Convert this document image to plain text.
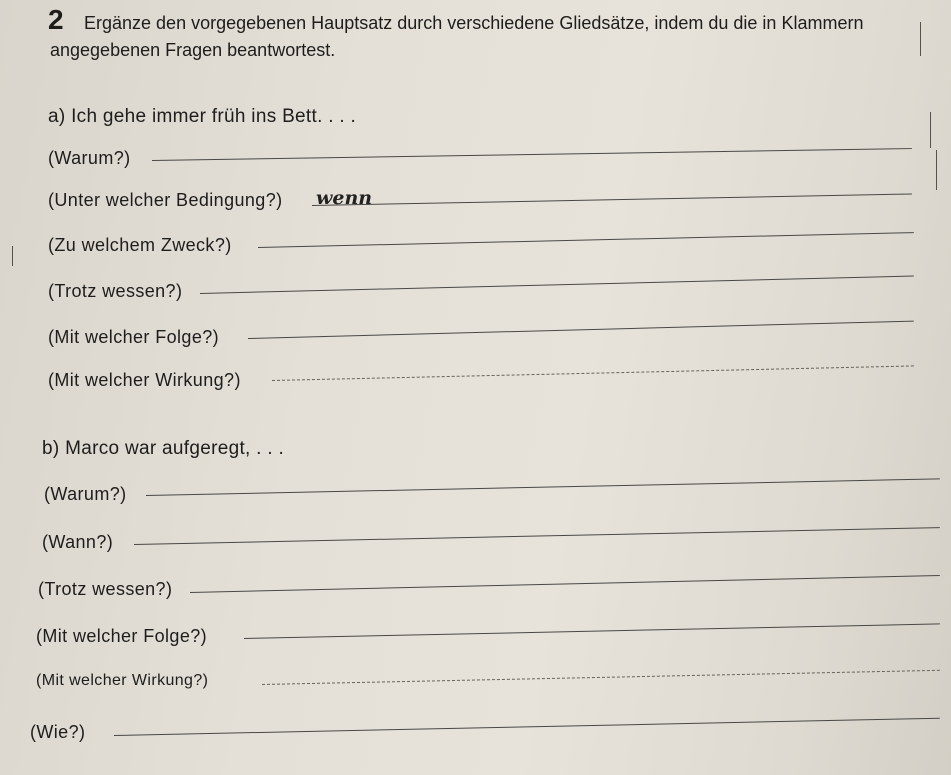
2 Ergänze den vorgegebenen Hauptsatz durch verschiedene Gliedsätze, indem du die in Klammern
angegebenen Fragen beantwortest.
a) Ich gehe immer früh ins Bett. . . .
(Warum?)
(Unter welcher Bedingung?) wenn
(Zu welchem Zweck?)
(Trotz wessen?)
(Mit welcher Folge?)
(Mit welcher Wirkung?)
b) Marco war aufgeregt, . . .
(Warum?)
(Wann?)
(Trotz wessen?)
(Mit welcher Folge?)
(Mit welcher Wirkung?)
(Wie?)
